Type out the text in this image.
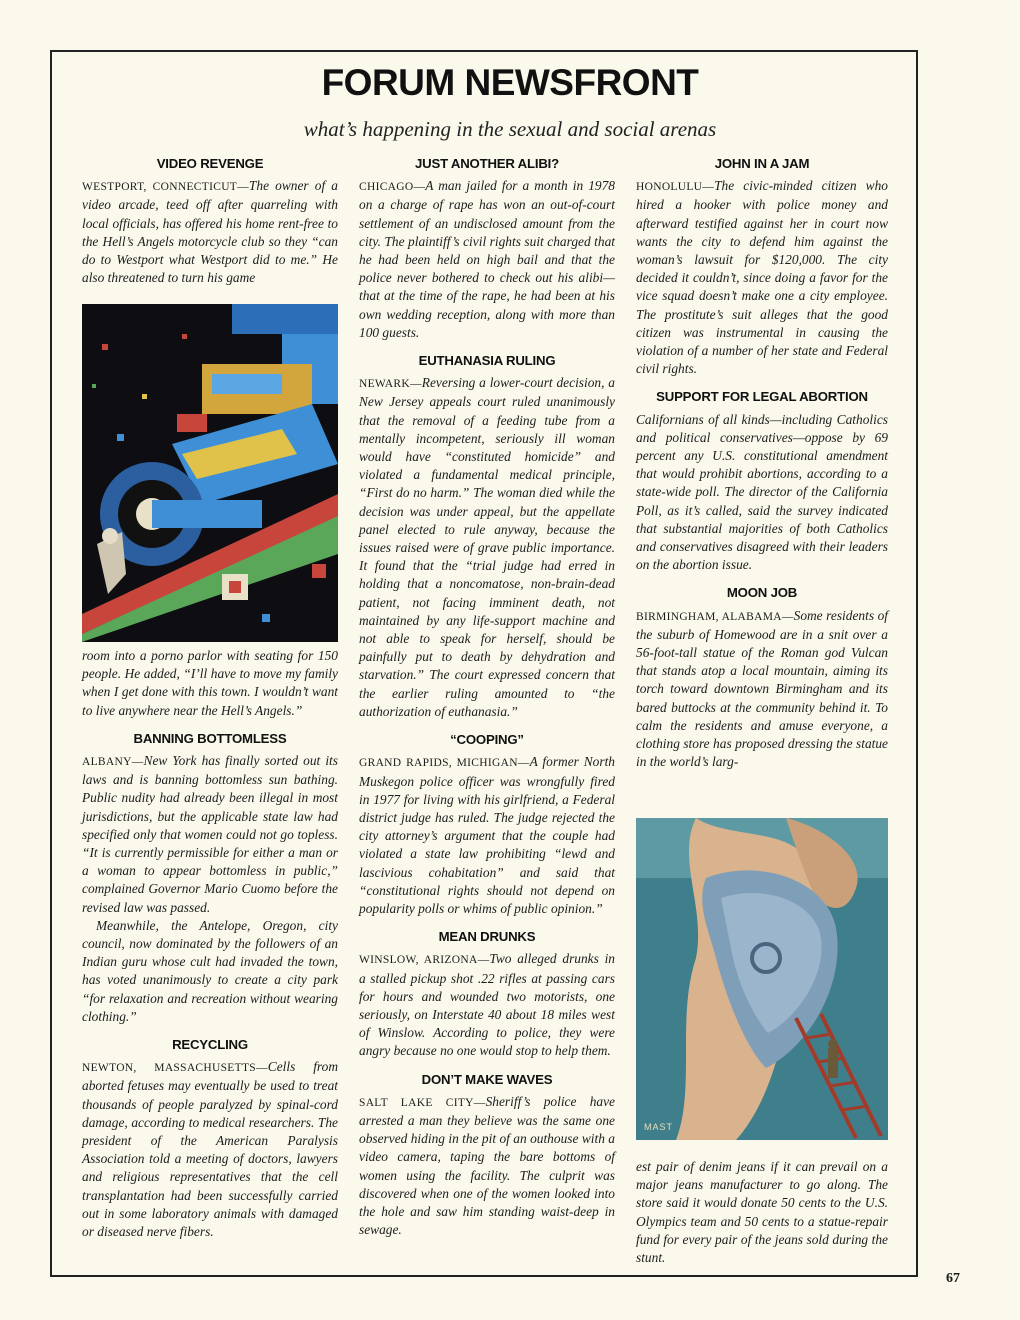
FORUM NEWSFRONT
what’s happening in the sexual and social arenas
VIDEO REVENGE

WESTPORT, CONNECTICUT—The owner of a video arcade, teed off after quarreling with local officials, has offered his home rent-free to the Hell’s Angels motorcycle club so they “can do to Westport what Westport did to me.” He also threatened to turn his game

room into a porno parlor with seating for 150 people. He added, “I’ll have to move my family when I get done with this town. I wouldn’t want to live anywhere near the Hell’s Angels.”

BANNING BOTTOMLESS

ALBANY—New York has finally sorted out its laws and is banning bottomless sun bathing. Public nudity had already been illegal in most jurisdictions, but the applicable state law had specified only that women could not go topless. “It is currently permissible for either a man or a woman to appear bottomless in public,” complained Governor Mario Cuomo before the revised law was passed.

Meanwhile, the Antelope, Oregon, city council, now dominated by the followers of an Indian guru whose cult had invaded the town, has voted unanimously to create a city park “for relaxation and recreation without wearing clothing.”

RECYCLING

NEWTON, MASSACHUSETTS—Cells from aborted fetuses may eventually be used to treat thousands of people paralyzed by spinal-cord damage, according to medical researchers. The president of the American Paralysis Association told a meeting of doctors, lawyers and religious representatives that the cell transplantation had been successfully carried out in some laboratory animals with damaged or diseased nerve fibers.

JUST ANOTHER ALIBI?

CHICAGO—A man jailed for a month in 1978 on a charge of rape has won an out-of-court settlement of an undisclosed amount from the city. The plaintiff’s civil rights suit charged that he had been held on high bail and that the police never bothered to check out his alibi—that at the time of the rape, he had been at his own wedding reception, along with more than 100 guests.

EUTHANASIA RULING

NEWARK—Reversing a lower-court decision, a New Jersey appeals court ruled unanimously that the removal of a feeding tube from a mentally incompetent, seriously ill woman would have “constituted homicide” and violated a fundamental medical principle, “First do no harm.” The woman died while the decision was under appeal, but the appellate panel elected to rule anyway, because the issues raised were of grave public importance. It found that the “trial judge had erred in holding that a noncomatose, non-brain-dead patient, not facing imminent death, not maintained by any life-support machine and not able to speak for herself, should be painfully put to death by dehydration and starvation.” The court expressed concern that the earlier ruling amounted to “the authorization of euthanasia.”

“COOPING”

GRAND RAPIDS, MICHIGAN—A former North Muskegon police officer was wrongfully fired in 1977 for living with his girlfriend, a Federal district judge has ruled. The judge rejected the city attorney’s argument that the couple had violated a state law prohibiting “lewd and lascivious cohabitation” and said that “constitutional rights should not depend on popularity polls or whims of public opinion.”

MEAN DRUNKS

WINSLOW, ARIZONA—Two alleged drunks in a stalled pickup shot .22 rifles at passing cars for hours and wounded two motorists, one seriously, on Interstate 40 about 18 miles west of Winslow. According to police, they were angry because no one would stop to help them.

DON’T MAKE WAVES

SALT LAKE CITY—Sheriff’s police have arrested a man they believe was the same one observed hiding in the pit of an outhouse with a video camera, taping the bare bottoms of women using the facility. The culprit was discovered when one of the women looked into the hole and saw him standing waist-deep in sewage.

JOHN IN A JAM

HONOLULU—The civic-minded citizen who hired a hooker with police money and afterward testified against her in court now wants the city to defend him against the woman’s lawsuit for $120,000. The city decided it couldn’t, since doing a favor for the vice squad doesn’t make one a city employee. The prostitute’s suit alleges that the good citizen was instrumental in causing the violation of a number of her state and Federal civil rights.

SUPPORT FOR LEGAL ABORTION

Californians of all kinds—including Catholics and political conservatives—oppose by 69 percent any U.S. constitutional amendment that would prohibit abortions, according to a state-wide poll. The director of the California Poll, as it’s called, said the survey indicated that substantial majorities of both Catholics and conservatives disagreed with their leaders on the abortion issue.

MOON JOB

BIRMINGHAM, ALABAMA—Some residents of the suburb of Homewood are in a snit over a 56-foot-tall statue of the Roman god Vulcan that stands atop a local mountain, aiming its torch toward downtown Birmingham and its bared buttocks at the community behind it. To calm the residents and amuse everyone, a clothing store has proposed dressing the statue in the world’s larg-

MAST

est pair of denim jeans if it can prevail on a major jeans manufacturer to go along. The store said it would donate 50 cents to the U.S. Olympics team and 50 cents to a statue-repair fund for every pair of the jeans sold during the stunt.

67
